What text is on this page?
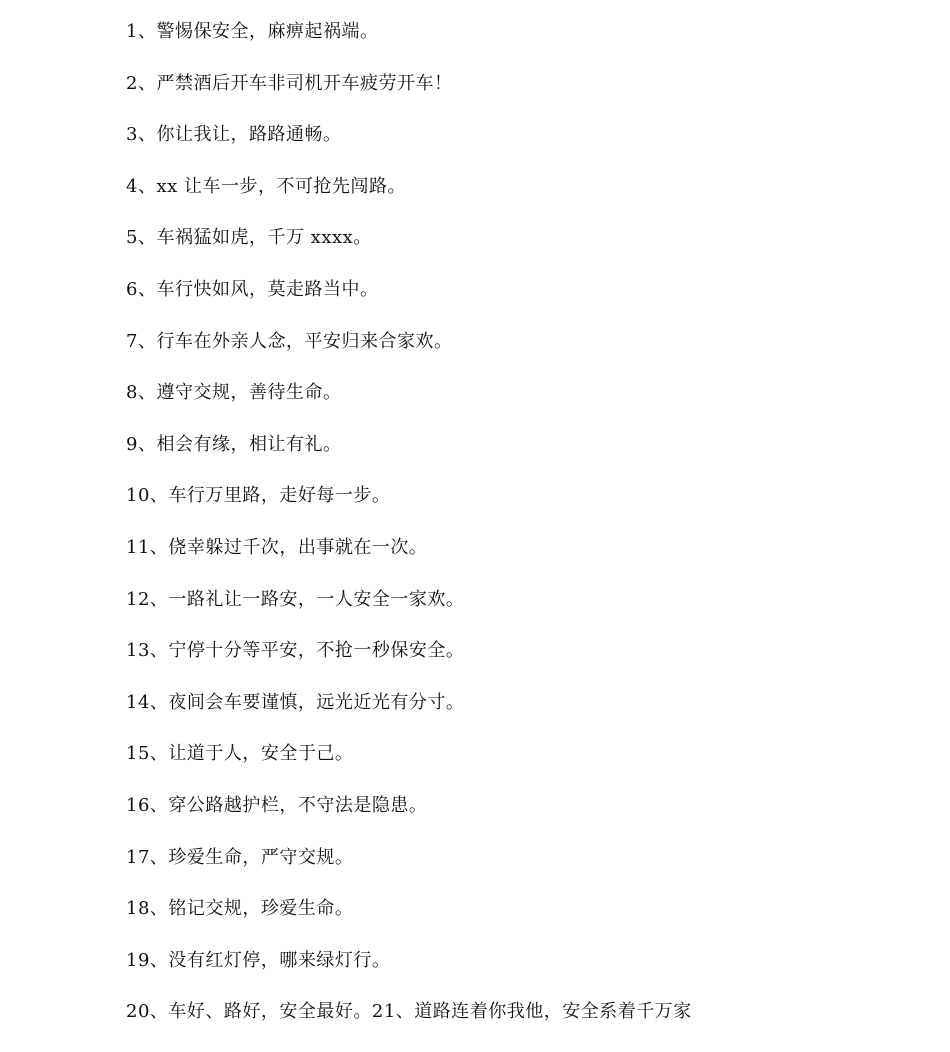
1、警惕保安全，麻痹起祸端。
2、严禁酒后开车非司机开车疲劳开车！
3、你让我让，路路通畅。
4、xx 让车一步，不可抢先闯路。
5、车祸猛如虎，千万 xxxx。
6、车行快如风，莫走路当中。
7、行车在外亲人念，平安归来合家欢。
8、遵守交规，善待生命。
9、相会有缘，相让有礼。
10、车行万里路，走好每一步。
11、侥幸躲过千次，出事就在一次。
12、一路礼让一路安，一人安全一家欢。
13、宁停十分等平安，不抢一秒保安全。
14、夜间会车要谨慎，远光近光有分寸。
15、让道于人，安全于己。
16、穿公路越护栏，不守法是隐患。
17、珍爱生命，严守交规。
18、铭记交规，珍爱生命。
19、没有红灯停，哪来绿灯行。
20、车好、路好，安全最好。21、道路连着你我他，安全系着千万家
